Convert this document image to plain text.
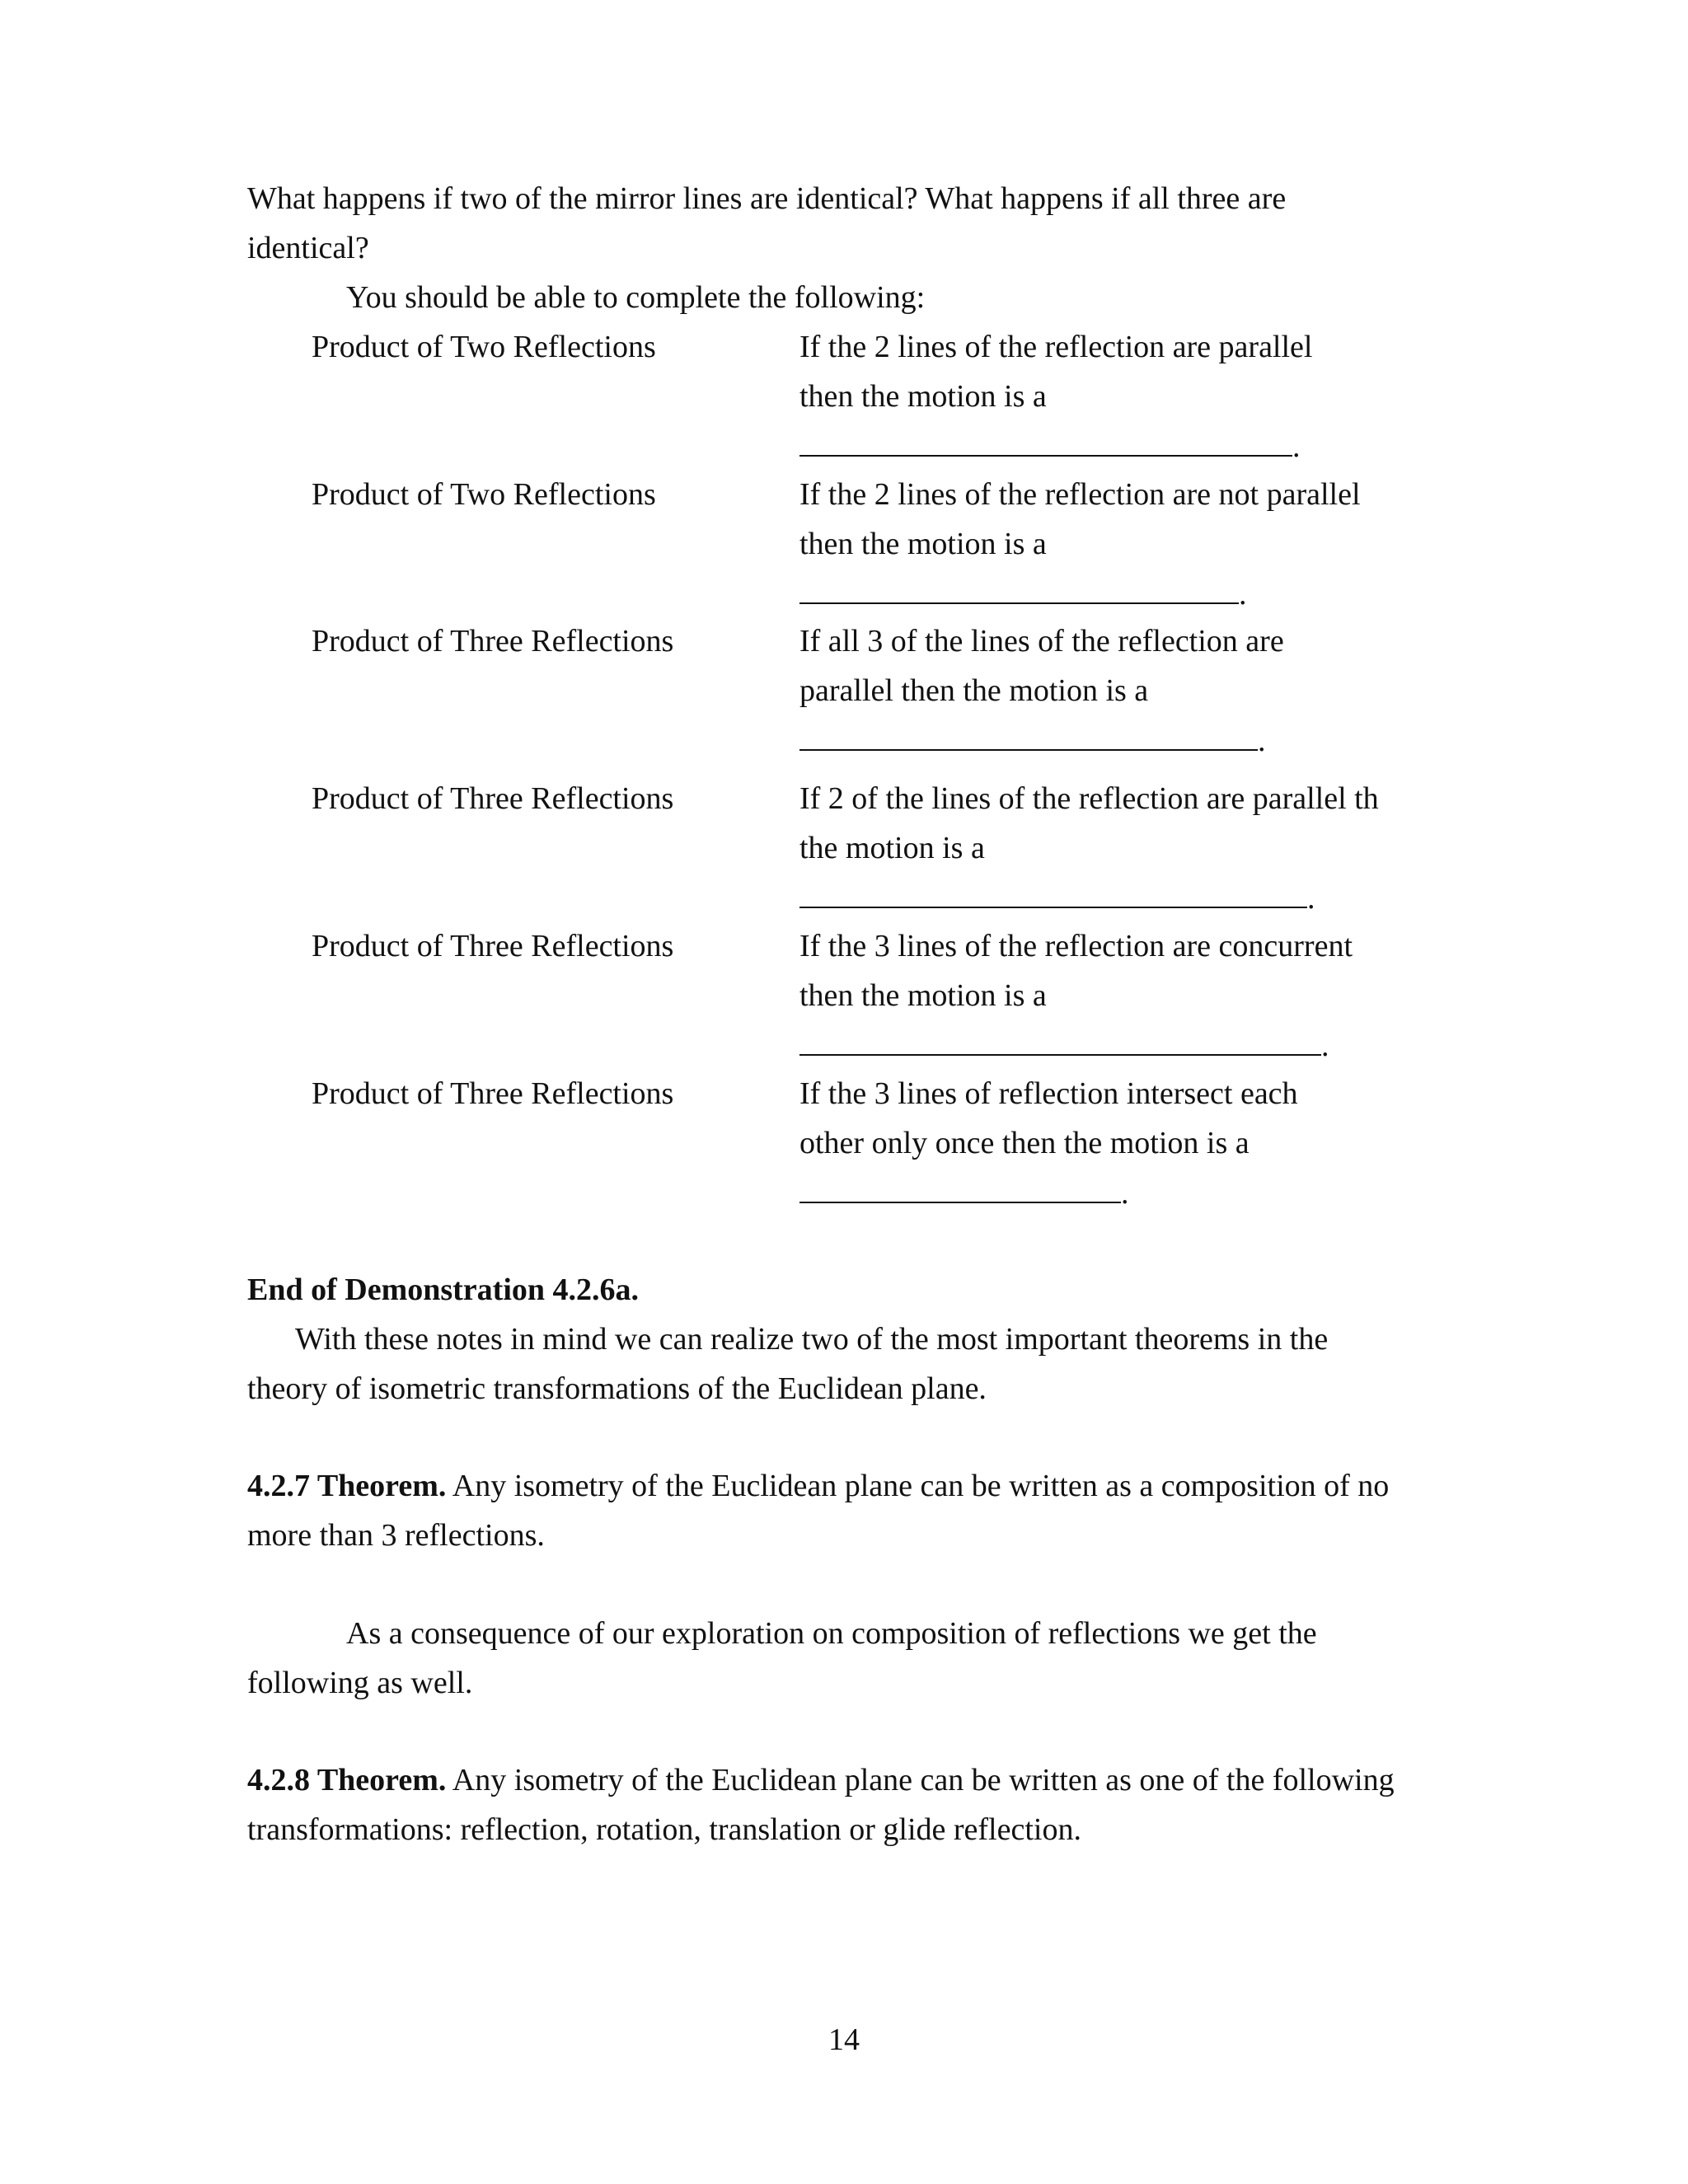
What happens if two of the mirror lines are identical? What happens if all three are
identical?
You should be able to complete the following:
Product of Two Reflections	If the 2 lines of the reflection are parallel
then the motion is a
.
Product of Two Reflections	If the 2 lines of the reflection are not parallel
then the motion is a
.
Product of Three Reflections	If all 3 of the lines of the reflection are
parallel then the motion is a
.
Product of Three Reflections	If 2 of the lines of the reflection are parallel th
the motion is a
.
Product of Three Reflections	If the 3 lines of the reflection are concurrent
then the motion is a
.
Product of Three Reflections	If the 3 lines of reflection intersect each
other only once then the motion is a
.
End of Demonstration 4.2.6a.
With these notes in mind we can realize two of the most important theorems in the
theory of isometric transformations of the Euclidean plane.
4.2.7 Theorem. Any isometry of the Euclidean plane can be written as a composition of no
more than 3 reflections.
As a consequence of our exploration on composition of reflections we get the
following as well.
4.2.8 Theorem. Any isometry of the Euclidean plane can be written as one of the following
transformations: reflection, rotation, translation or glide reflection.
14
